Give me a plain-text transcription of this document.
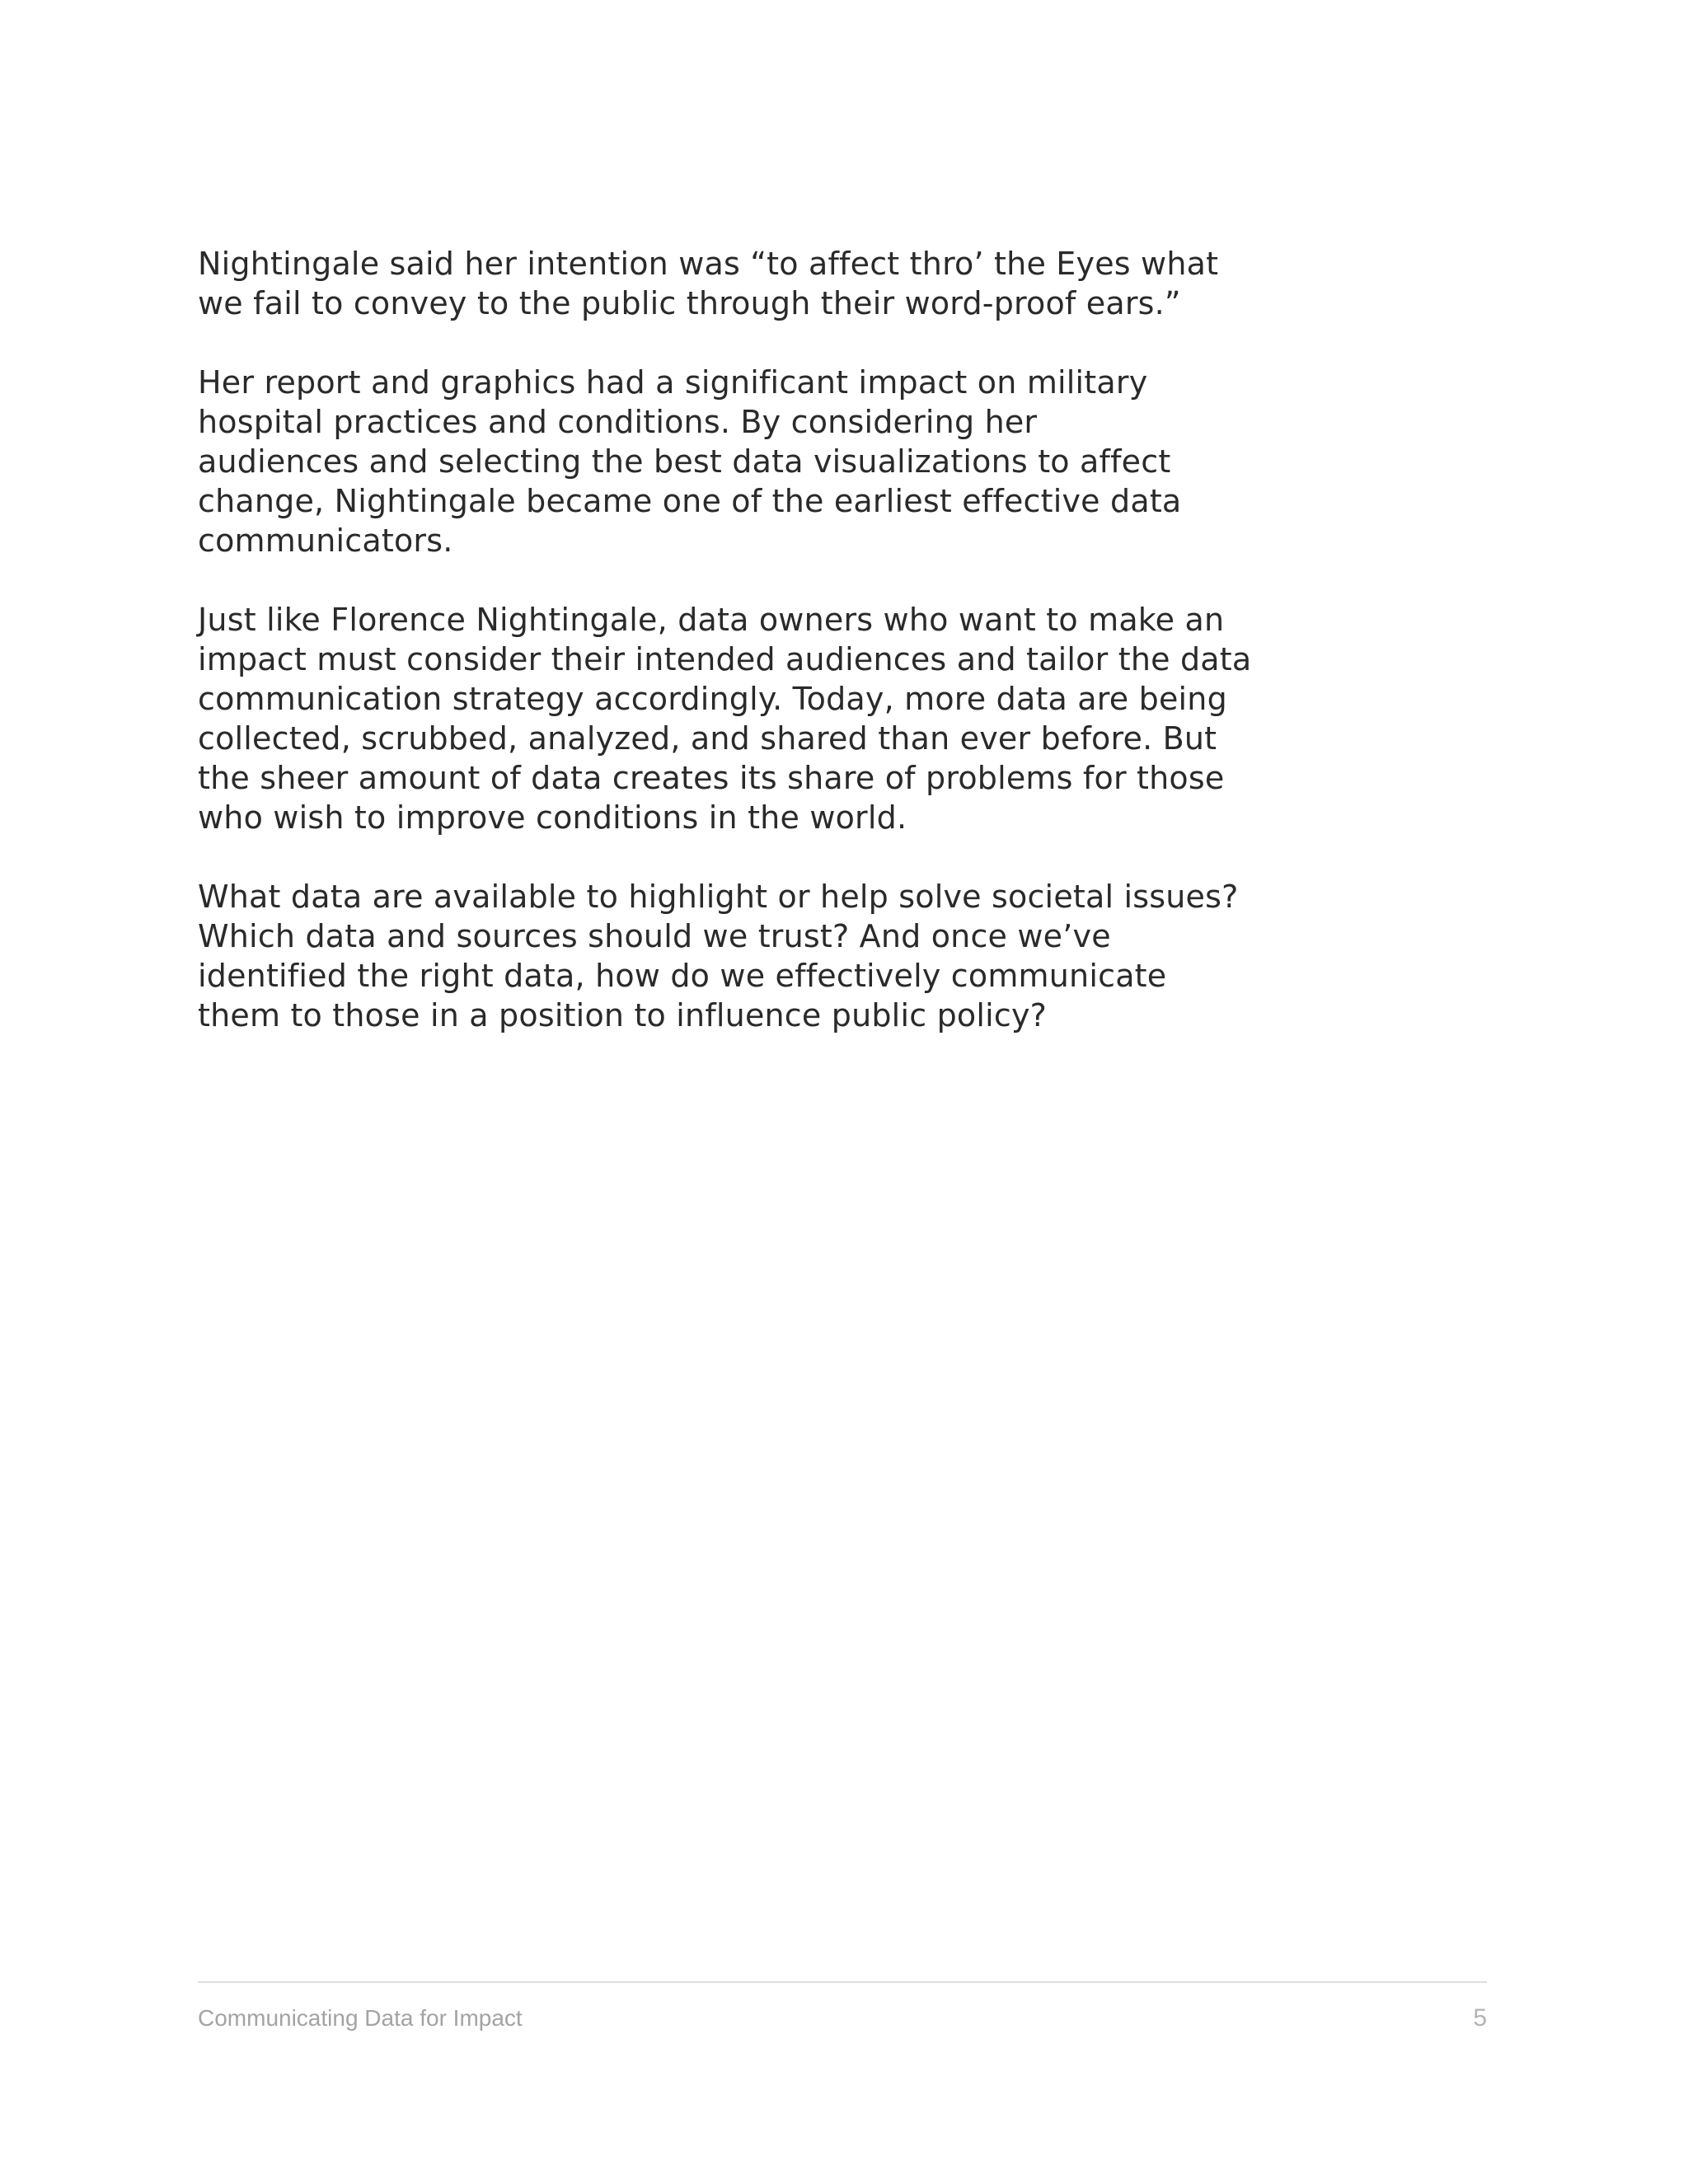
Nightingale said her intention was “to affect thro’ the Eyes what
we fail to convey to the public through their word-proof ears.”

Her report and graphics had a significant impact on military
hospital practices and conditions. By considering her
audiences and selecting the best data visualizations to affect
change, Nightingale became one of the earliest effective data
communicators.

Just like Florence Nightingale, data owners who want to make an
impact must consider their intended audiences and tailor the data
communication strategy accordingly. Today, more data are being
collected, scrubbed, analyzed, and shared than ever before. But
the sheer amount of data creates its share of problems for those
who wish to improve conditions in the world.

What data are available to highlight or help solve societal issues?
Which data and sources should we trust? And once we’ve
identified the right data, how do we effectively communicate
them to those in a position to influence public policy?

Communicating Data for Impact	5
